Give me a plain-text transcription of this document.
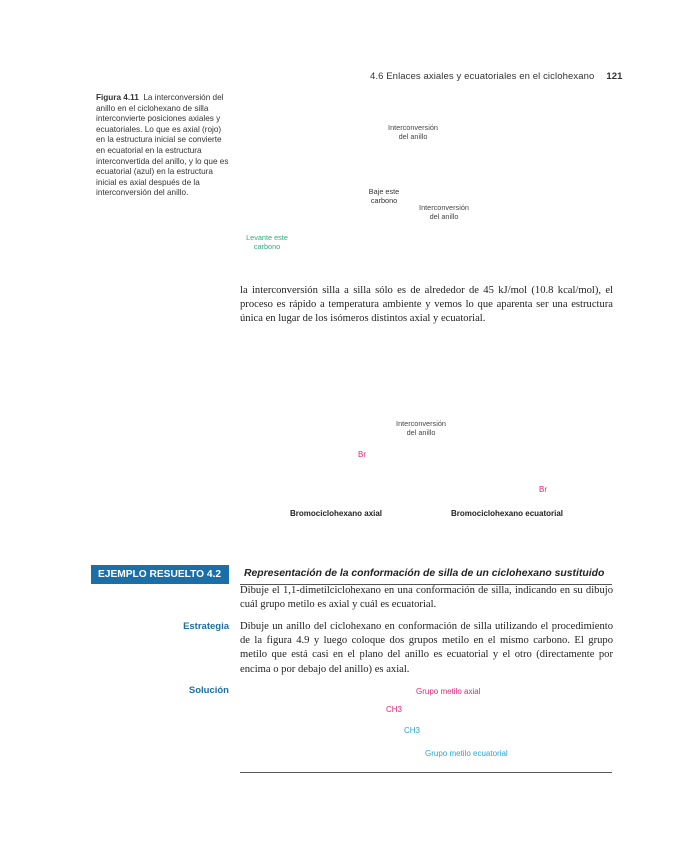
4.6 Enlaces axiales y ecuatoriales en el ciclohexano 121
Figura 4.11 La interconversión del anillo en el ciclohexano de silla interconvierte posiciones axiales y ecuatoriales. Lo que es axial (rojo) en la estructura inicial se convierte en ecuatorial en la estructura interconvertida del anillo, y lo que es ecuatorial (azul) en la estructura inicial es axial después de la interconversión del anillo.
Interconversión
del anillo
Baje este
carbono
Levante este
carbono
Interconversión
del anillo
la interconversión silla a silla sólo es de alrededor de 45 kJ/mol (10.8 kcal/mol), el proceso es rápido a temperatura ambiente y vemos lo que aparenta ser una estructura única en lugar de los isómeros distintos axial y ecuatorial.
Interconversión
del anillo
Br
Br
Bromociclohexano axial	Bromociclohexano ecuatorial
EJEMPLO RESUELTO 4.2	Representación de la conformación de silla de un ciclohexano sustituido
Dibuje el 1,1-dimetilciclohexano en una conformación de silla, indicando en su dibujo cuál grupo metilo es axial y cuál es ecuatorial.
Estrategia Dibuje un anillo del ciclohexano en conformación de silla utilizando el procedimiento de la figura 4.9 y luego coloque dos grupos metilo en el mismo carbono. El grupo metilo que está casi en el plano del anillo es ecuatorial y el otro (directamente por encima o por debajo del anillo) es axial.
Solución
CH3
CH3
Grupo metilo axial
Grupo metilo ecuatorial
